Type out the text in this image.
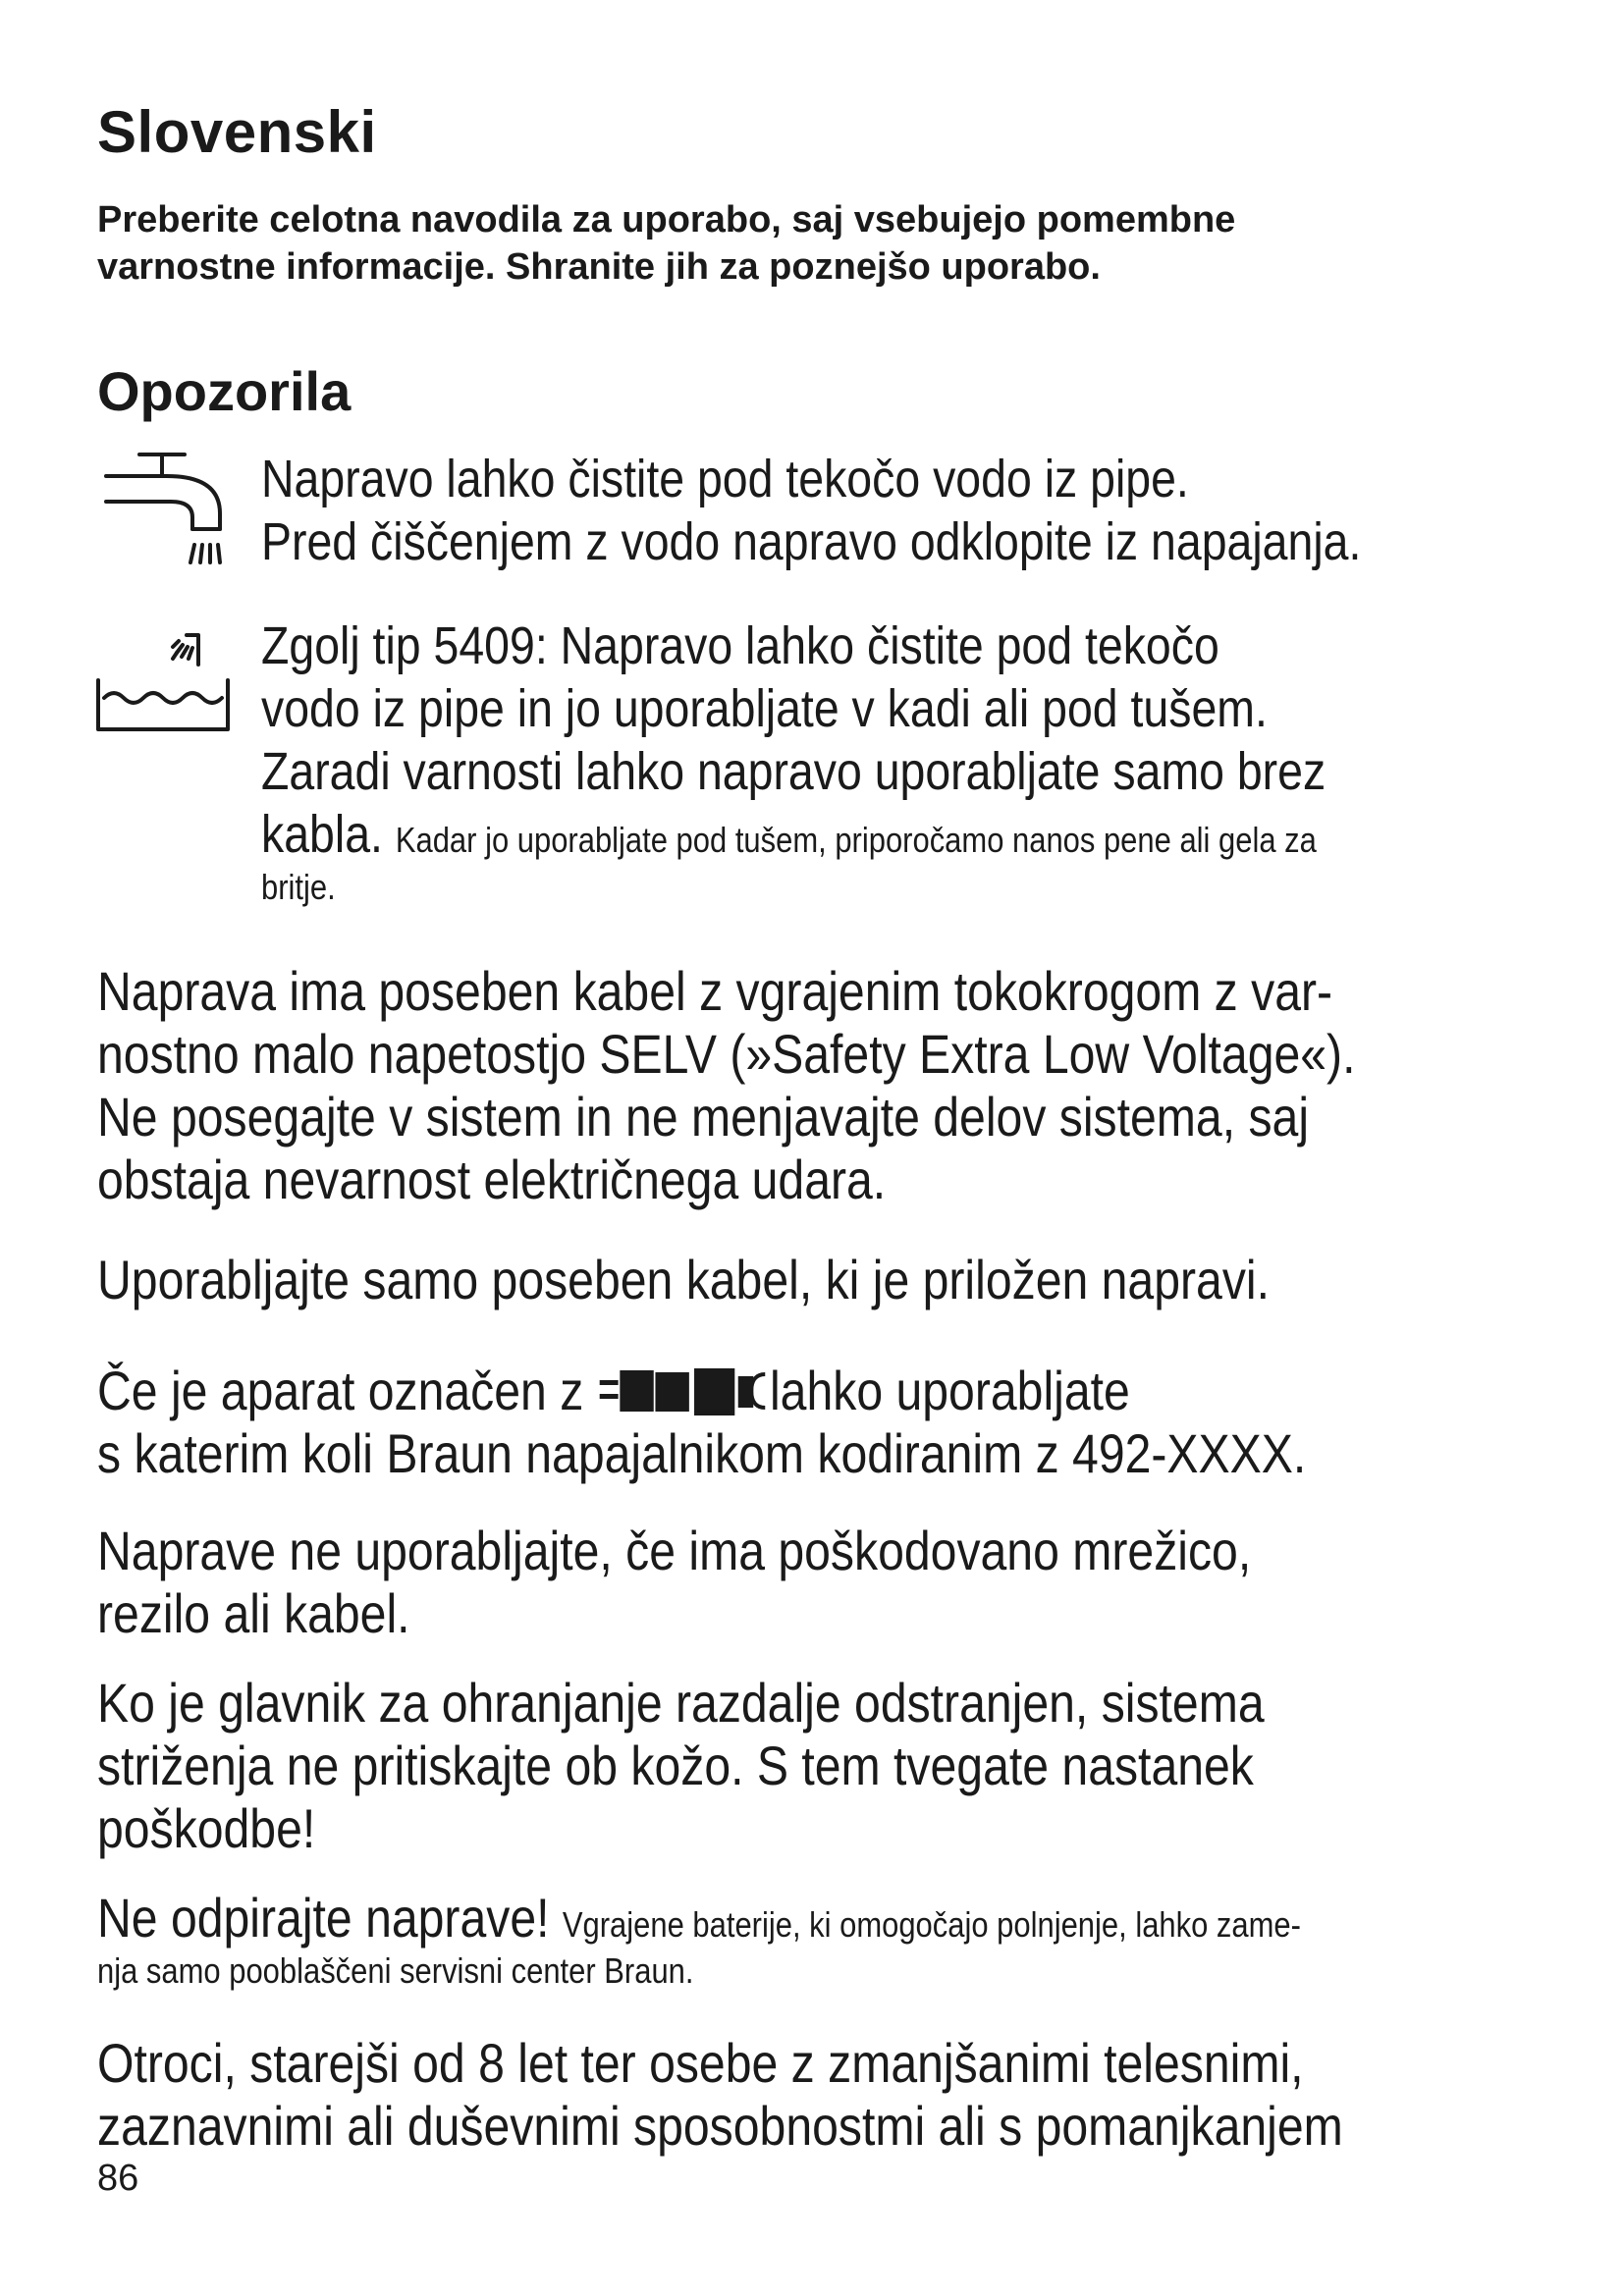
Slovenski
Preberite celotna navodila za uporabo, saj vsebujejo pomembne
varnostne informacije. Shranite jih za poznejšo uporabo.
Opozorila
Napravo lahko čistite pod tekočo vodo iz pipe.
Pred čiščenjem z vodo napravo odklopite iz napajanja.
Zgolj tip 5409: Napravo lahko čistite pod tekočo
vodo iz pipe in jo uporabljate v kadi ali pod tušem.
Zaradi varnosti lahko napravo uporabljate samo brez
kabla. Kadar jo uporabljate pod tušem, priporočamo nanos pene ali gela za
britje.
Naprava ima poseben kabel z vgrajenim tokokrogom z var-
nostno malo napetostjo SELV (»Safety Extra Low Voltage«).
Ne posegajte v sistem in ne menjavajte delov sistema, saj
obstaja nevarnost električnega udara.
Uporabljajte samo poseben kabel, ki je priložen napravi.
Če je aparat označen z	lahko uporabljate
s katerim koli Braun napajalnikom kodiranim z 492-XXXX.
Naprave ne uporabljajte, če ima poškodovano mrežico,
rezilo ali kabel.
Ko je glavnik za ohranjanje razdalje odstranjen, sistema
striženja ne pritiskajte ob kožo. S tem tvegate nastanek
poškodbe!
Ne odpirajte naprave! Vgrajene baterije, ki omogočajo polnjenje, lahko zame-
nja samo pooblaščeni servisni center Braun.
Otroci, starejši od 8 let ter osebe z zmanjšanimi telesnimi,
zaznavnimi ali duševnimi sposobnostmi ali s pomanjkanjem

86
